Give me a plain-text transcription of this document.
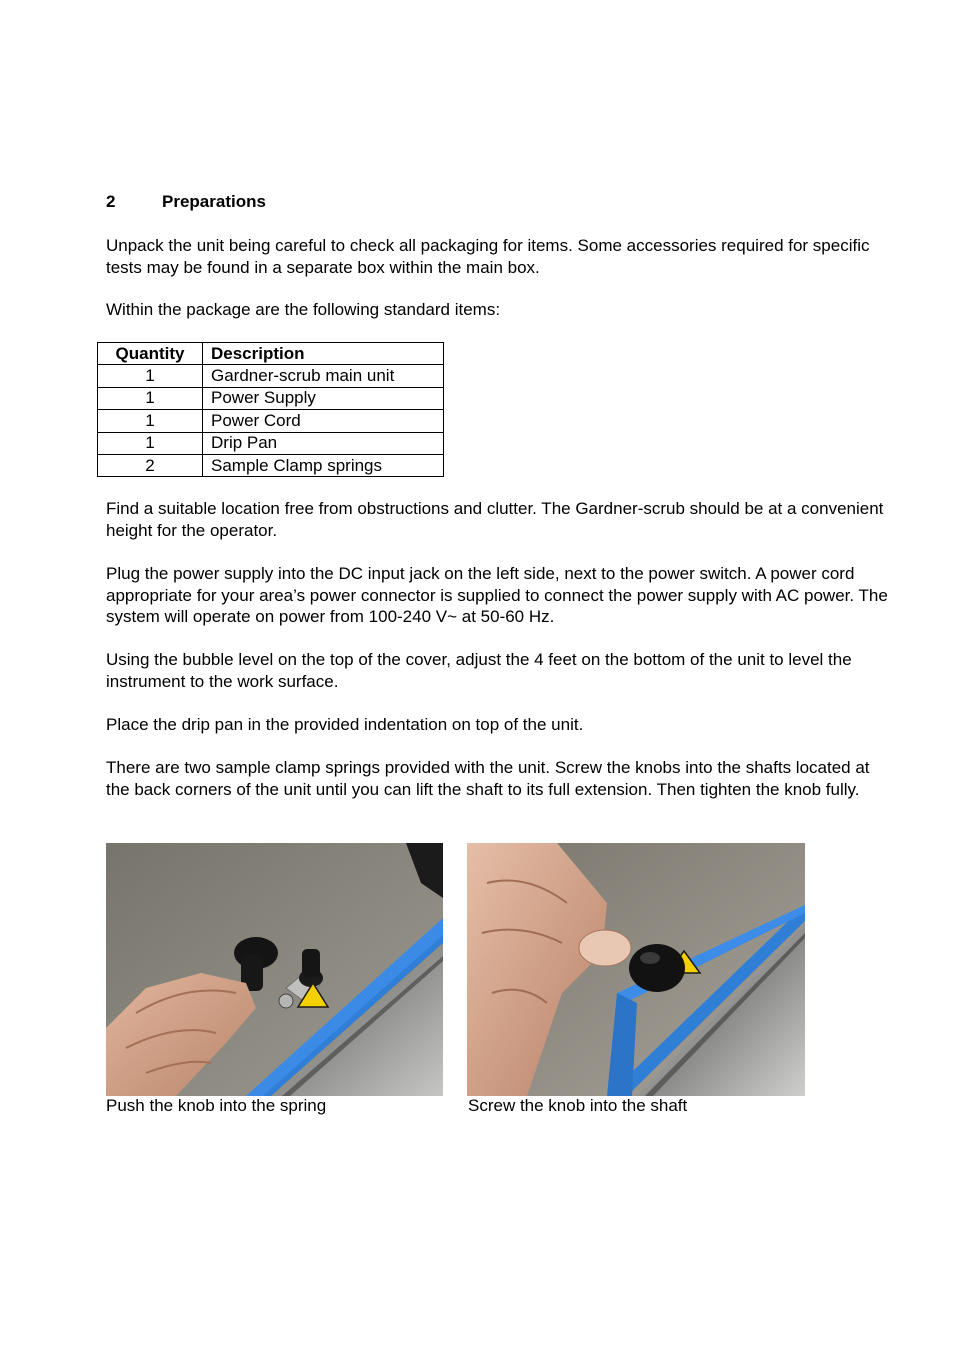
2	Preparations

Unpack the unit being careful to check all packaging for items. Some accessories required for specific tests may be found in a separate box within the main box.

Within the package are the following standard items:

Quantity	Description
1	Gardner-scrub main unit
1	Power Supply
1	Power Cord
1	Drip Pan
2	Sample Clamp springs

Find a suitable location free from obstructions and clutter. The Gardner-scrub should be at a convenient height for the operator.

Plug the power supply into the DC input jack on the left side, next to the power switch. A power cord appropriate for your area’s power connector is supplied to connect the power supply with AC power. The system will operate on power from 100-240 V~ at 50-60 Hz.

Using the bubble level on the top of the cover, adjust the 4 feet on the bottom of the unit to level the instrument to the work surface.

Place the drip pan in the provided indentation on top of the unit.

There are two sample clamp springs provided with the unit. Screw the knobs into the shafts located at the back corners of the unit until you can lift the shaft to its full extension. Then tighten the knob fully.

Push the knob into the spring	Screw the knob into the shaft
